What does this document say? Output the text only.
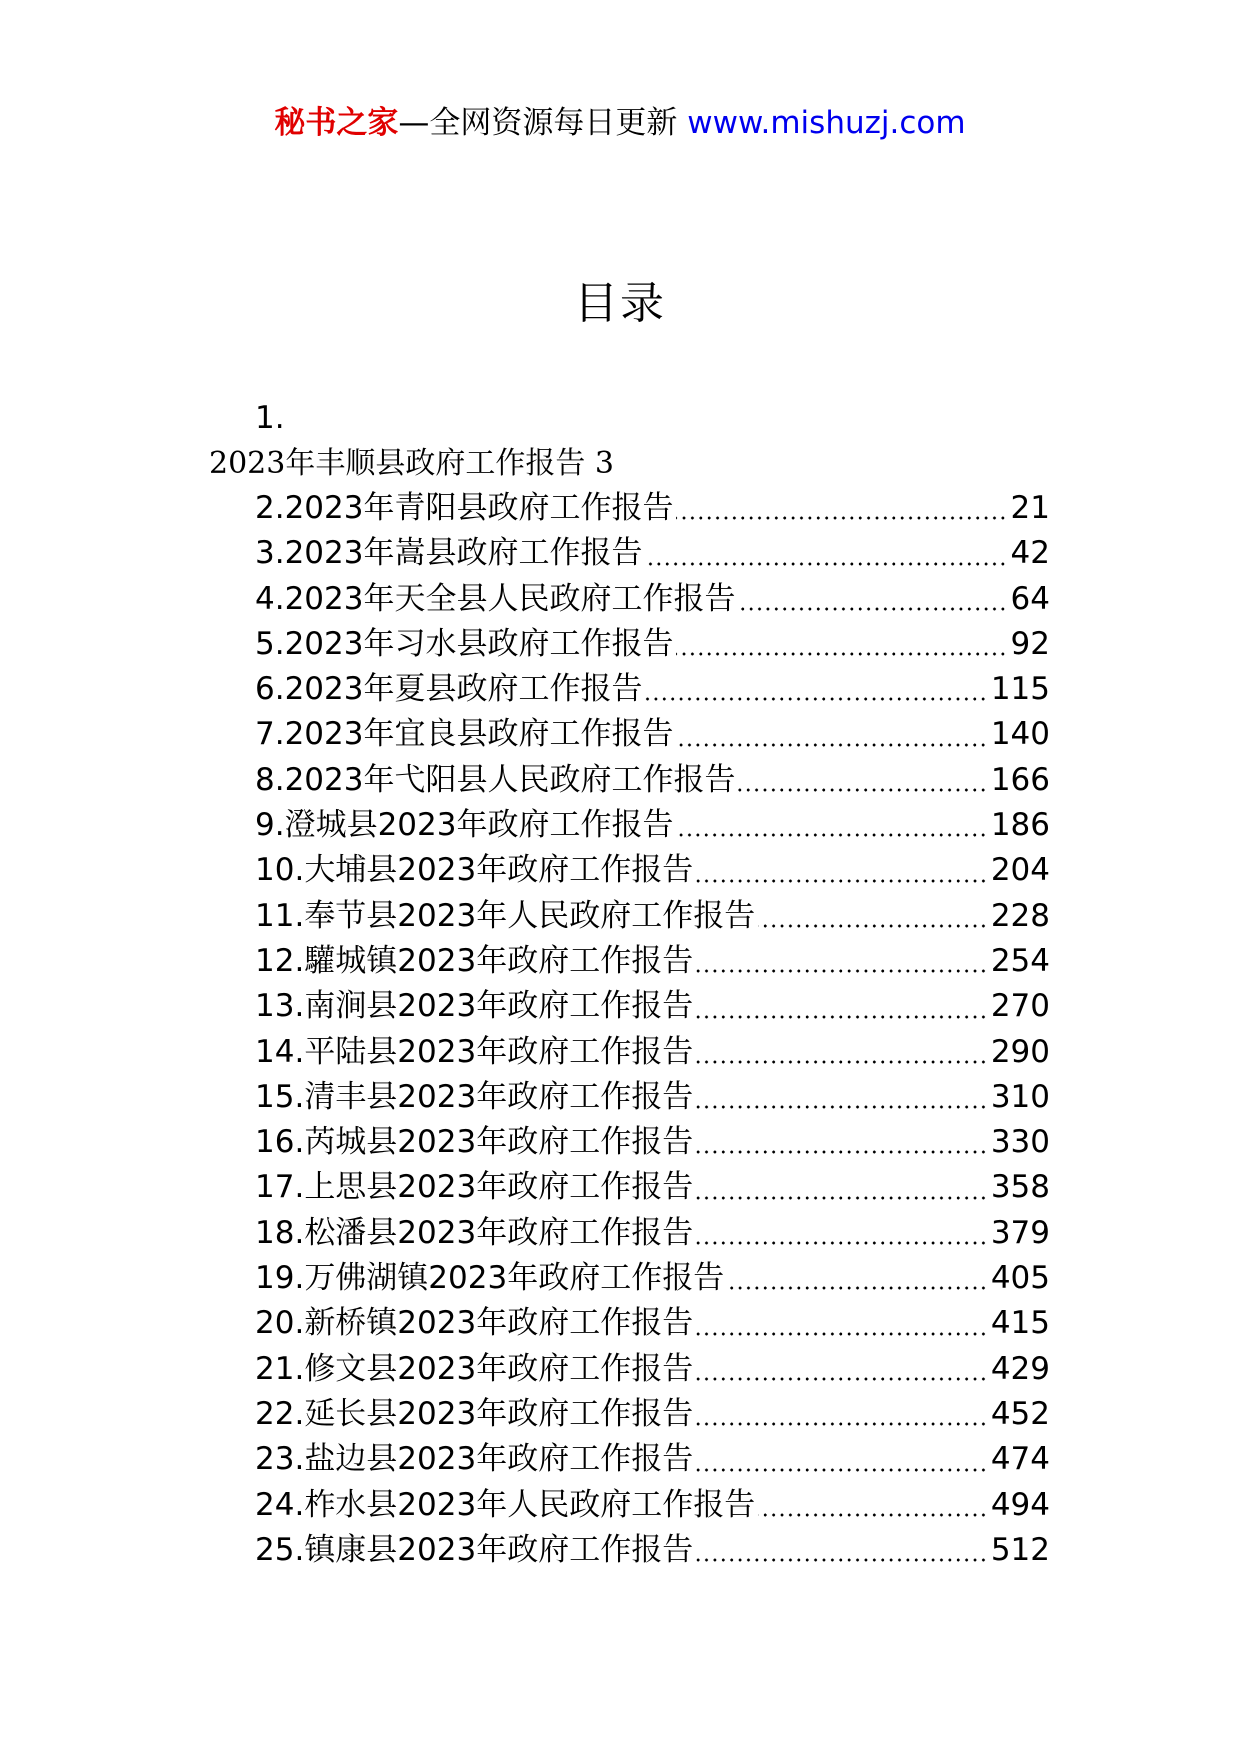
秘书之家—全网资源每日更新 www.mishuzj.com
目录
1.
2023年丰顺县政府工作报告 3
2.2023年青阳县政府工作报告	21
3.2023年嵩县政府工作报告	42
4.2023年天全县人民政府工作报告	64
5.2023年习水县政府工作报告	92
6.2023年夏县政府工作报告	115
7.2023年宜良县政府工作报告	140
8.2023年弋阳县人民政府工作报告	166
9.澄城县2023年政府工作报告	186
10.大埔县2023年政府工作报告	204
11.奉节县2023年人民政府工作报告	228
12.驩城镇2023年政府工作报告	254
13.南涧县2023年政府工作报告	270
14.平陆县2023年政府工作报告	290
15.清丰县2023年政府工作报告	310
16.芮城县2023年政府工作报告	330
17.上思县2023年政府工作报告	358
18.松潘县2023年政府工作报告	379
19.万佛湖镇2023年政府工作报告	405
20.新桥镇2023年政府工作报告	415
21.修文县2023年政府工作报告	429
22.延长县2023年政府工作报告	452
23.盐边县2023年政府工作报告	474
24.柞水县2023年人民政府工作报告	494
25.镇康县2023年政府工作报告	512
